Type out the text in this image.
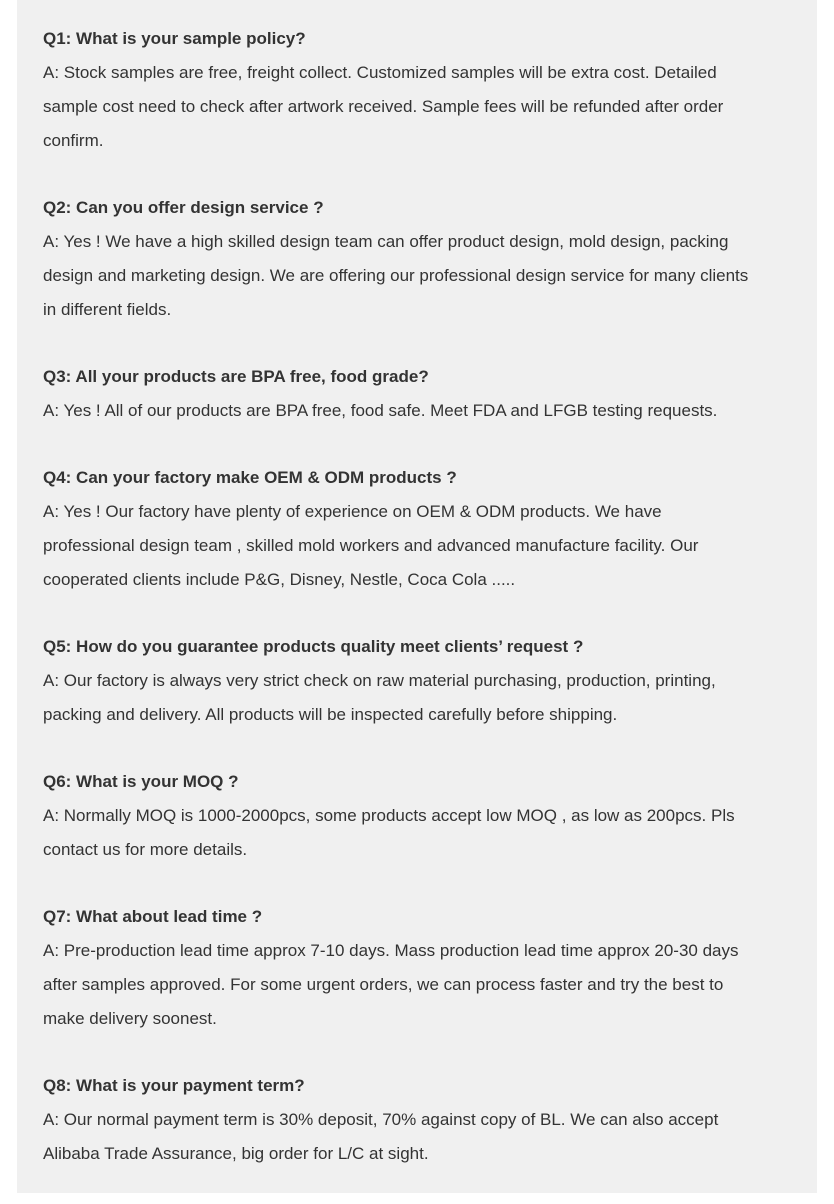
Q1: What is your sample policy?

A: Stock samples are free, freight collect. Customized samples will be extra cost. Detailed

sample cost need to check after artwork received. Sample fees will be refunded after order

confirm.

Q2: Can you offer design service ?

A: Yes ! We have a high skilled design team can offer product design, mold design, packing

design and marketing design. We are offering our professional design service for many clients

in different fields.

Q3: All your products are BPA free, food grade?

A: Yes ! All of our products are BPA free, food safe. Meet FDA and LFGB testing requests.

Q4: Can your factory make OEM & ODM products ?

A: Yes ! Our factory have plenty of experience on OEM & ODM products. We have

professional design team , skilled mold workers and advanced manufacture facility. Our

cooperated clients include P&G, Disney, Nestle, Coca Cola .....

Q5: How do you guarantee products quality meet clients’ request ?

A: Our factory is always very strict check on raw material purchasing, production, printing,

packing and delivery. All products will be inspected carefully before shipping.

Q6: What is your MOQ ?

A: Normally MOQ is 1000-2000pcs, some products accept low MOQ , as low as 200pcs. Pls

contact us for more details.

Q7: What about lead time ?

A: Pre-production lead time approx 7-10 days. Mass production lead time approx 20-30 days

after samples approved. For some urgent orders, we can process faster and try the best to

make delivery soonest.

Q8: What is your payment term?

A: Our normal payment term is 30% deposit, 70% against copy of BL. We can also accept

Alibaba Trade Assurance, big order for L/C at sight.
